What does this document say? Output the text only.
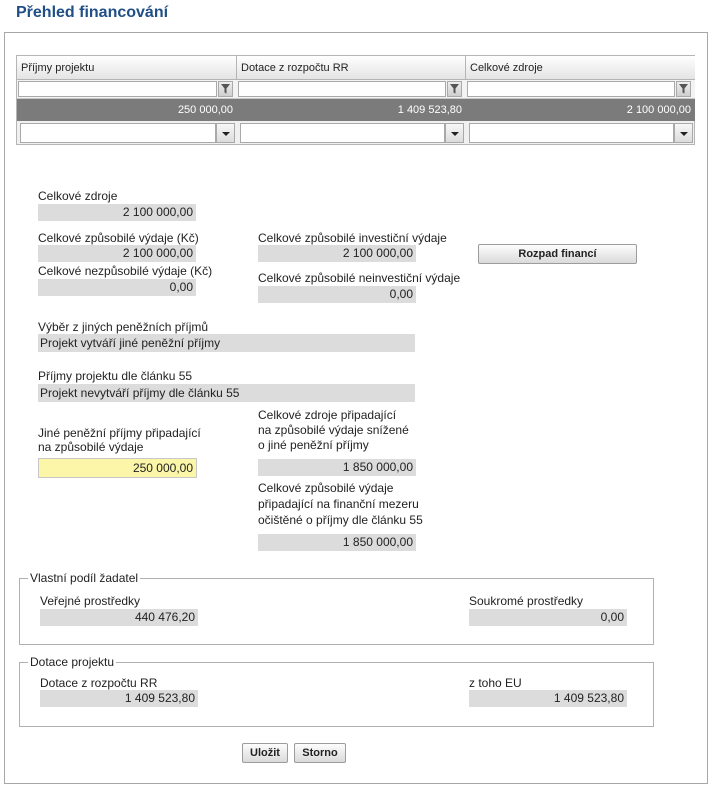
Přehled financování
Příjmy projektu	Dotace z rozpočtu RR	Celkové zdroje
250 000,00	1 409 523,80	2 100 000,00
Celkové zdroje
2 100 000,00
Celkové způsobilé výdaje (Kč)
2 100 000,00
Celkové nezpůsobilé výdaje (Kč)
0,00
Celkové způsobilé investiční výdaje
2 100 000,00
Celkové způsobilé neinvestiční výdaje
0,00
Rozpad financí
Výběr z jiných peněžních příjmů
Projekt vytváří jiné peněžní příjmy
Příjmy projektu dle článku 55
Projekt nevytváří příjmy dle článku 55
Jiné peněžní příjmy připadající
na způsobilé výdaje
250 000,00
Celkové zdroje připadající
na způsobilé výdaje snížené
o jiné peněžní příjmy
1 850 000,00
Celkové způsobilé výdaje
připadající na finanční mezeru
očištěné o příjmy dle článku 55
1 850 000,00
Vlastní podíl žadatel
Veřejné prostředky
440 476,20
Soukromé prostředky
0,00
Dotace projektu
Dotace z rozpočtu RR
1 409 523,80
z toho EU
1 409 523,80
Uložit	Storno
